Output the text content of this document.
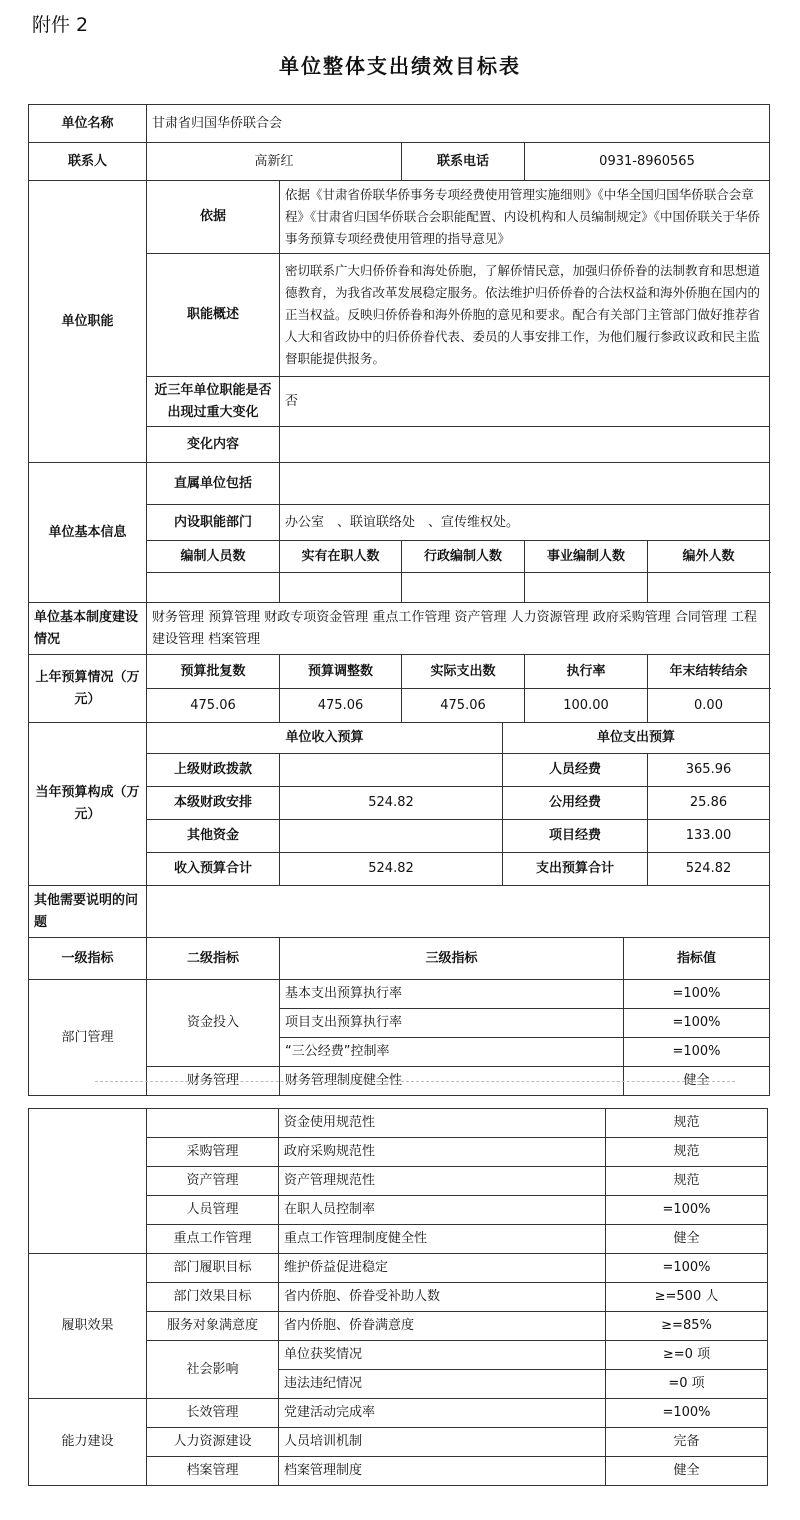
附件 2
单位整体支出绩效目标表
单位名称	甘肃省归国华侨联合会						
联系人	高新红		联系电话		0931-8960565		
单位职能	依据	依据《甘肃省侨联华侨事务专项经费使用管理实施细则》《中华全国归国华侨联合会章程》《甘肃省归国华侨联合会职能配置、内设机构和人员编制规定》《中国侨联关于华侨事务预算专项经费使用管理的指导意见》					
	职能概述	密切联系广大归侨侨眷和海处侨胞，了解侨情民意，加强归侨侨眷的法制教育和思想道德教育，为我省改革发展稳定服务。依法维护归侨侨眷的合法权益和海外侨胞在国内的正当权益。反映归侨侨眷和海外侨胞的意见和要求。配合有关部门主管部门做好推荐省人大和省政协中的归侨侨眷代表、委员的人事安排工作，为他们履行参政议政和民主监督职能提供报务。					
	近三年单位职能是否出现过重大变化	否					
	变化内容						
单位基本信息	直属单位包括						
	内设职能部门	办公室　、联谊联络处　、宣传维权处。					
	编制人员数	实有在职人数	行政编制人数		事业编制人数		编外人数

单位基本制度建设情况	财务管理 预算管理 财政专项资金管理 重点工作管理 资产管理 人力资源管理 政府采购管理 合同管理 工程建设管理 档案管理						
上年预算情况（万元）	预算批复数	预算调整数	实际支出数		执行率		年末结转结余
	475.06	475.06	475.06		100.00		0.00
当年预算构成（万元）	单位收入预算			单位支出预算			
	上级财政拨款			人员经费			365.96
	本级财政安排	524.82		公用经费			25.86
	其他资金			项目经费			133.00
	收入预算合计	524.82		支出预算合计			524.82
其他需要说明的问题							
一级指标	二级指标	三级指标				指标值	
部门管理	资金投入	基本支出预算执行率				=100%	
		项目支出预算执行率				=100%	
		“三公经费”控制率				=100%	
	财务管理	财务管理制度健全性				健全	
		资金使用规范性	规范
	采购管理	政府采购规范性	规范
	资产管理	资产管理规范性	规范
	人员管理	在职人员控制率	=100%
	重点工作管理	重点工作管理制度健全性	健全
履职效果	部门履职目标	维护侨益促进稳定	=100%
	部门效果目标	省内侨胞、侨眷受补助人数	≥=500 人
	服务对象满意度	省内侨胞、侨眷满意度	≥=85%
	社会影响	单位获奖情况	≥=0 项
		违法违纪情况	=0 项
能力建设	长效管理	党建活动完成率	=100%
	人力资源建设	人员培训机制	完备
	档案管理	档案管理制度	健全
